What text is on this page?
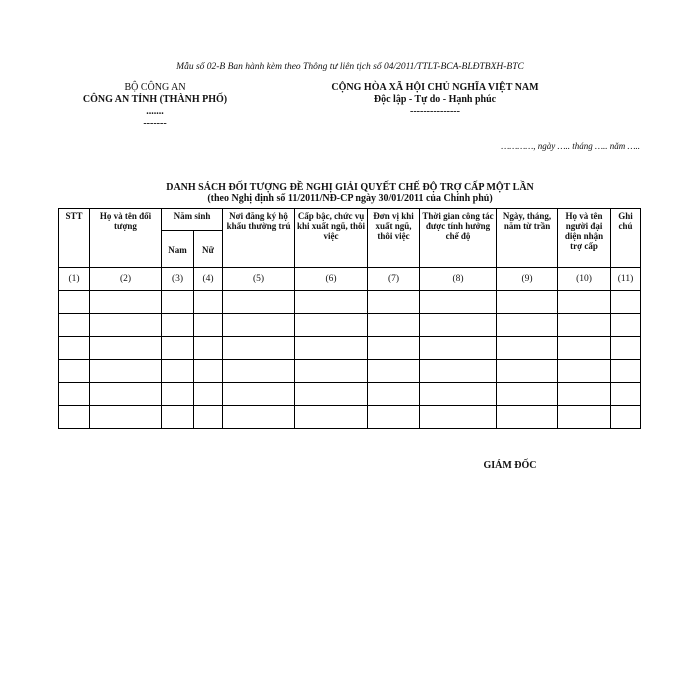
Mẫu số 02-B Ban hành kèm theo Thông tư liên tịch số 04/2011/TTLT-BCA-BLĐTBXH-BTC
BỘ CÔNG AN
CÔNG AN TỈNH (THÀNH PHỐ)
.......
-------
CỘNG HÒA XÃ HỘI CHỦ NGHĨA VIỆT NAM
Độc lập - Tự do - Hạnh phúc
---------------
…………, ngày ….. tháng ….. năm …..
DANH SÁCH ĐỐI TƯỢNG ĐỀ NGHỊ GIẢI QUYẾT CHẾ ĐỘ TRỢ CẤP MỘT LẦN
(theo Nghị định số 11/2011/NĐ-CP ngày 30/01/2011 của Chính phủ)
STT	Họ và tên đối tượng	Năm sinh		Nơi đăng ký hộ khẩu thường trú	Cấp bậc, chức vụ khi xuất ngũ, thôi việc	Đơn vị khi xuất ngũ, thôi việc	Thời gian công tác được tính hưởng chế độ	Ngày, tháng, năm từ trần	Họ và tên người đại diện nhận trợ cấp	Ghi chú
		Nam	Nữ							
(1)	(2)	(3)	(4)	(5)	(6)	(7)	(8)	(9)	(10)	(11)

GIÁM ĐỐC
